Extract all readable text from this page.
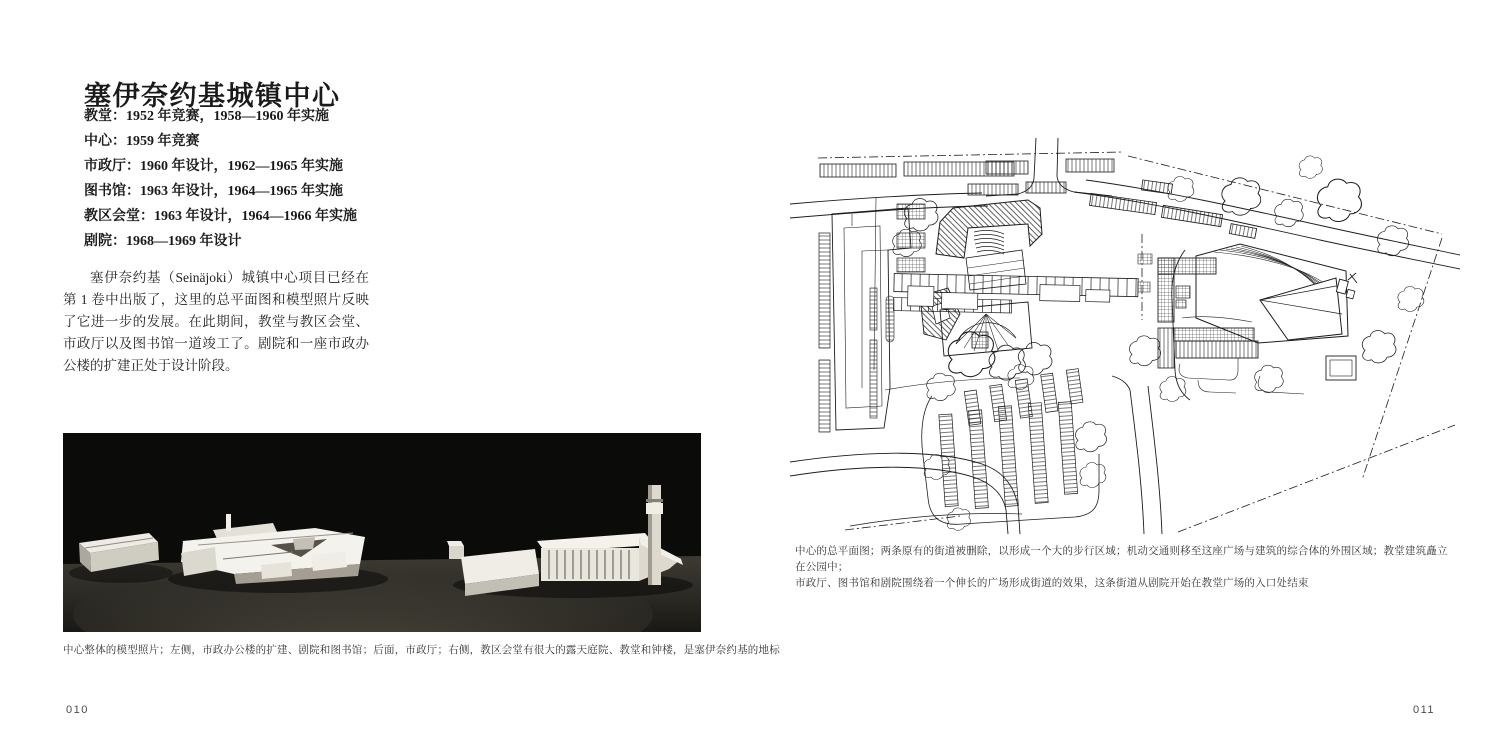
塞伊奈约基城镇中心
教堂：1952 年竞赛，1958—1960 年实施
中心：1959 年竞赛
市政厅：1960 年设计，1962—1965 年实施
图书馆：1963 年设计，1964—1965 年实施
教区会堂：1963 年设计，1964—1966 年实施
剧院：1968—1969 年设计

塞伊奈约基（Seinäjoki）城镇中心项目已经在第 1 卷中出版了，这里的总平面图和模型照片反映了它进一步的发展。在此期间，教堂与教区会堂、市政厅以及图书馆一道竣工了。剧院和一座市政办公楼的扩建正处于设计阶段。

中心整体的模型照片；左侧，市政办公楼的扩建、剧院和图书馆；后面，市政厅；右侧，教区会堂有很大的露天庭院、教堂和钟楼，是塞伊奈约基的地标
010
中心的总平面图；两条原有的街道被删除，以形成一个大的步行区域；机动交通则移至这座广场与建筑的综合体的外围区域；教堂建筑矗立在公园中；
市政厅、图书馆和剧院围绕着一个伸长的广场形成街道的效果，这条街道从剧院开始在教堂广场的入口处结束
011
